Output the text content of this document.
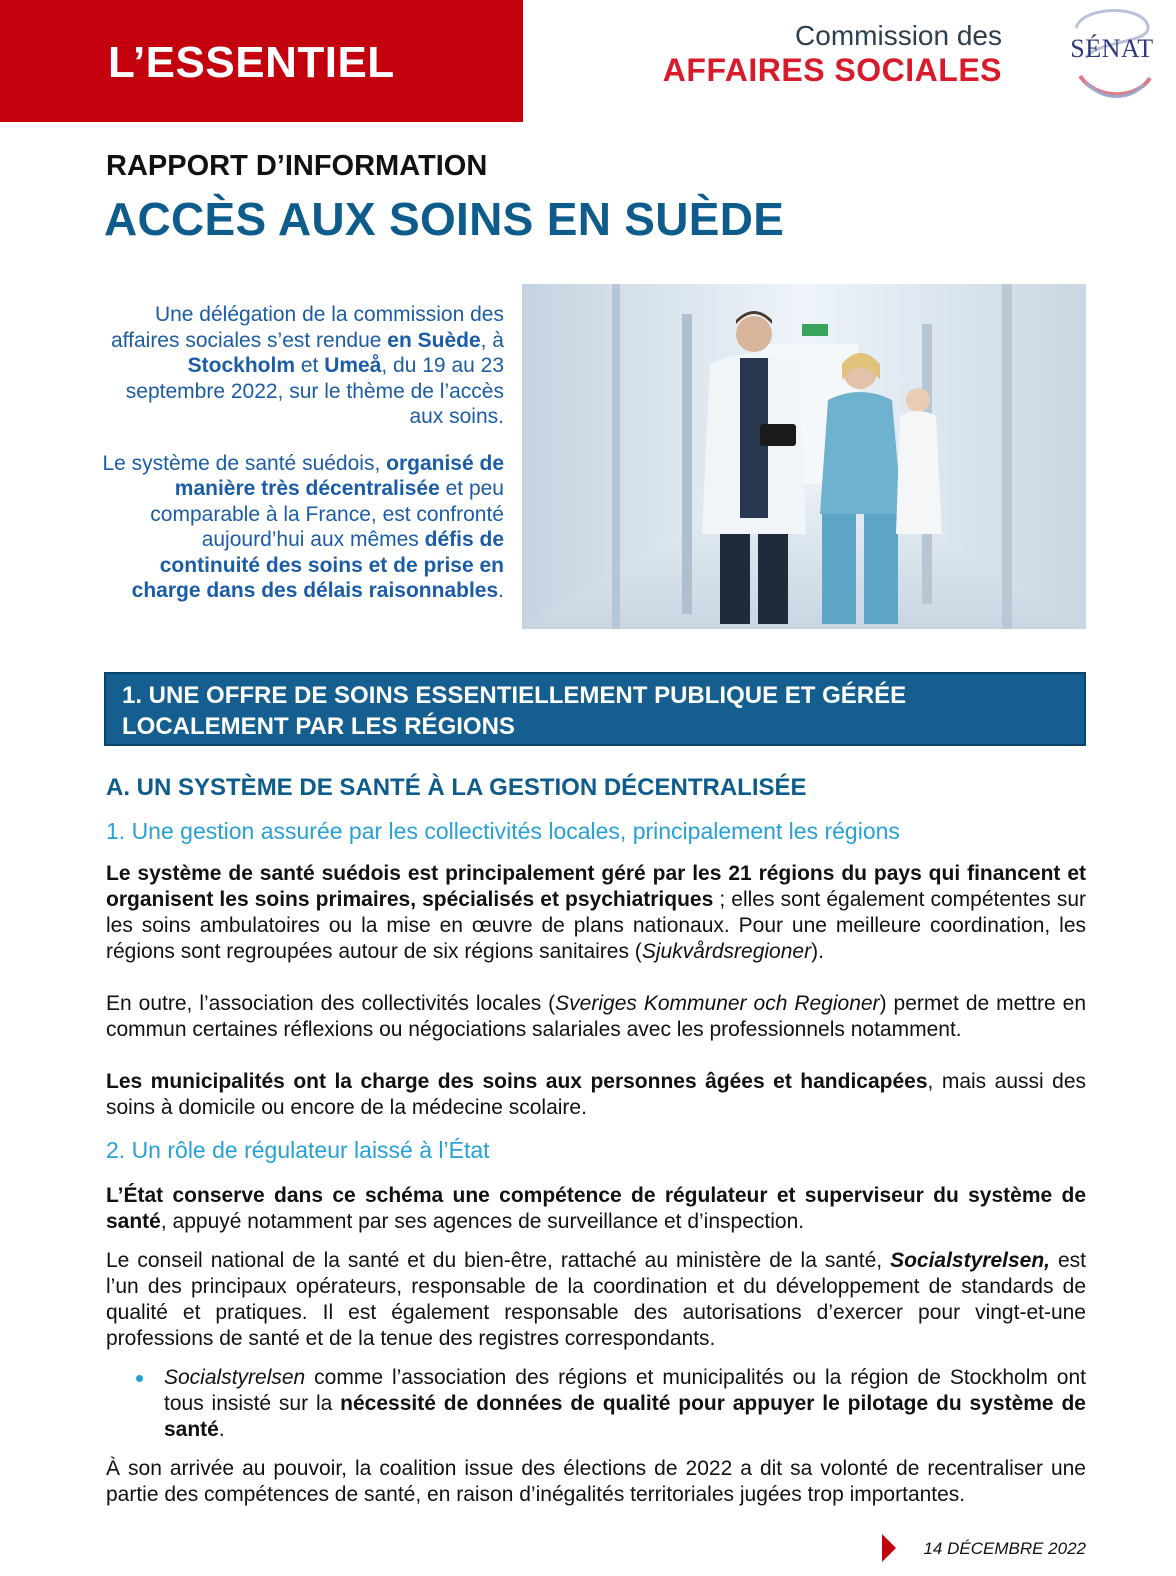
L’ESSENTIEL
Commission des
AFFAIRES SOCIALES
SÉNAT
RAPPORT D’INFORMATION
ACCÈS AUX SOINS EN SUÈDE

Une délégation de la commission des affaires sociales s’est rendue en Suède, à Stockholm et Umeå, du 19 au 23 septembre 2022, sur le thème de l’accès aux soins.

Le système de santé suédois, organisé de manière très décentralisée et peu comparable à la France, est confronté aujourd’hui aux mêmes défis de continuité des soins et de prise en charge dans des délais raisonnables.

1. UNE OFFRE DE SOINS ESSENTIELLEMENT PUBLIQUE ET GÉRÉE
LOCALEMENT PAR LES RÉGIONS
A. UN SYSTÈME DE SANTÉ À LA GESTION DÉCENTRALISÉE
1. Une gestion assurée par les collectivités locales, principalement les régions

Le système de santé suédois est principalement géré par les 21 régions du pays qui financent et organisent les soins primaires, spécialisés et psychiatriques ; elles sont également compétentes sur les soins ambulatoires ou la mise en œuvre de plans nationaux. Pour une meilleure coordination, les régions sont regroupées autour de six régions sanitaires (Sjukvårdsregioner).

En outre, l’association des collectivités locales (Sveriges Kommuner och Regioner) permet de mettre en commun certaines réflexions ou négociations salariales avec les professionnels notamment.

Les municipalités ont la charge des soins aux personnes âgées et handicapées, mais aussi des soins à domicile ou encore de la médecine scolaire.

2. Un rôle de régulateur laissé à l’État

L’État conserve dans ce schéma une compétence de régulateur et superviseur du système de santé, appuyé notamment par ses agences de surveillance et d’inspection.

Le conseil national de la santé et du bien-être, rattaché au ministère de la santé, Socialstyrelsen, est l’un des principaux opérateurs, responsable de la coordination et du développement de standards de qualité et pratiques. Il est également responsable des autorisations d’exercer pour vingt-et-une professions de santé et de la tenue des registres correspondants.

Socialstyrelsen comme l’association des régions et municipalités ou la région de Stockholm ont tous insisté sur la nécessité de données de qualité pour appuyer le pilotage du système de santé.

À son arrivée au pouvoir, la coalition issue des élections de 2022 a dit sa volonté de recentraliser une partie des compétences de santé, en raison d’inégalités territoriales jugées trop importantes.

14 DÉCEMBRE 2022
